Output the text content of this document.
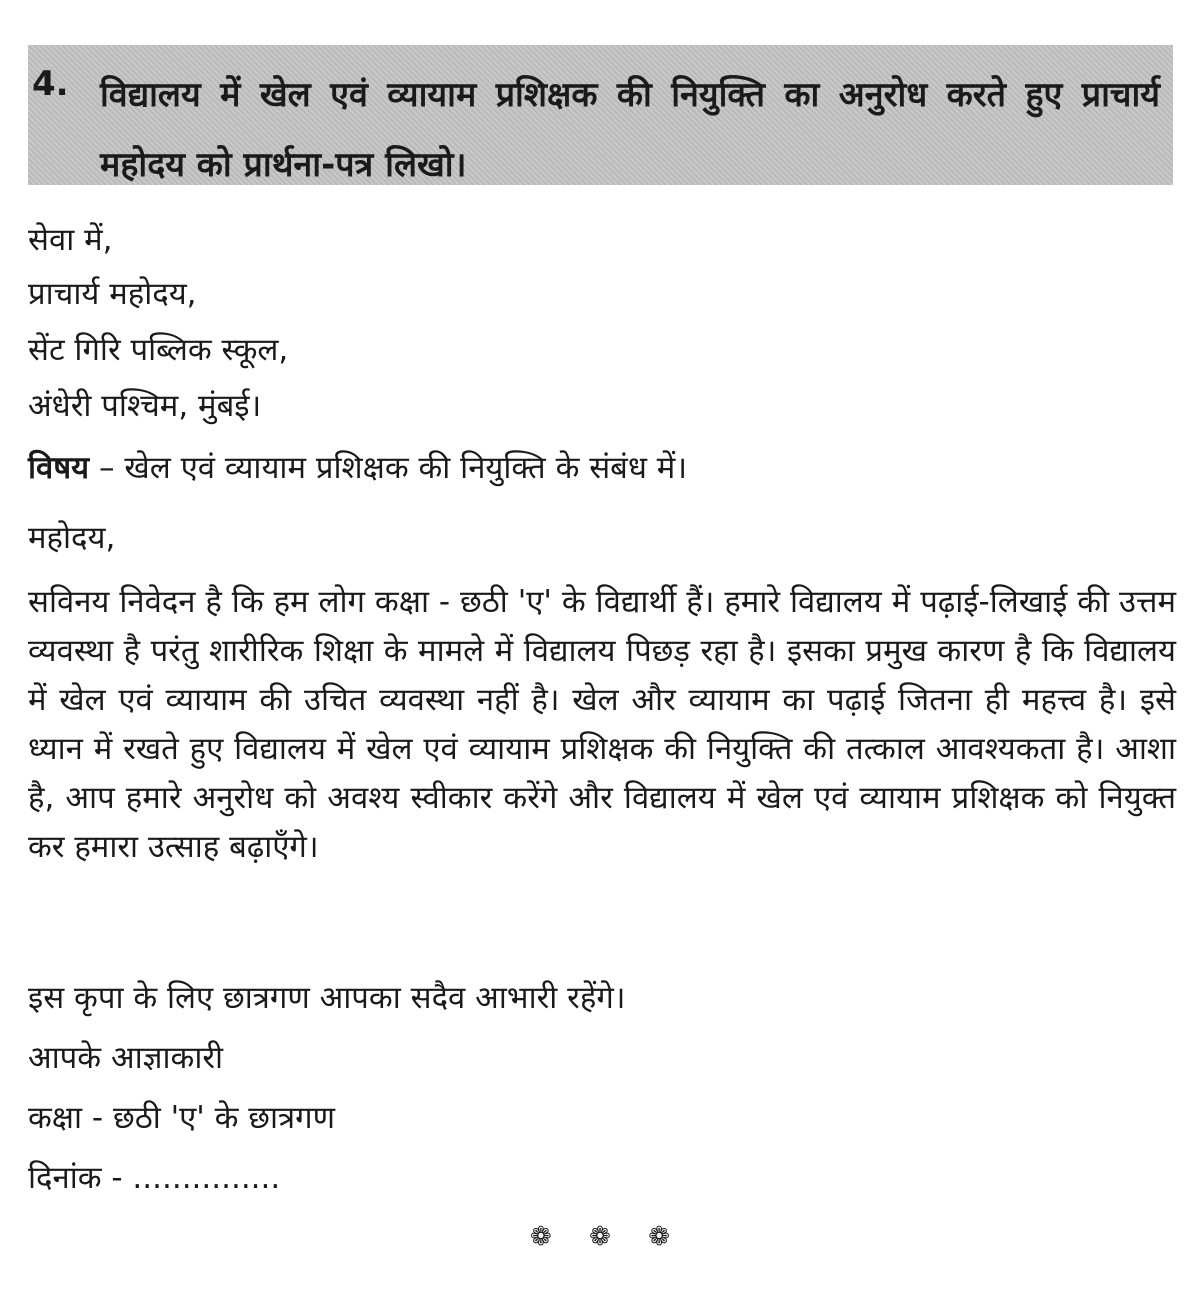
4. विद्यालय में खेल एवं व्यायाम प्रशिक्षक की नियुक्ति का अनुरोध करते हुए प्राचार्य महोदय को प्रार्थना-पत्र लिखो।
सेवा में,
प्राचार्य महोदय,
सेंट गिरि पब्लिक स्कूल,
अंधेरी पश्चिम, मुंबई।
विषय – खेल एवं व्यायाम प्रशिक्षक की नियुक्ति के संबंध में।
महोदय,
सविनय निवेदन है कि हम लोग कक्षा - छठी 'ए' के विद्यार्थी हैं। हमारे विद्यालय में पढ़ाई-लिखाई की उत्तम व्यवस्था है परंतु शारीरिक शिक्षा के मामले में विद्यालय पिछड़ रहा है। इसका प्रमुख कारण है कि विद्यालय में खेल एवं व्यायाम की उचित व्यवस्था नहीं है। खेल और व्यायाम का पढ़ाई जितना ही महत्त्व है। इसे ध्यान में रखते हुए विद्यालय में खेल एवं व्यायाम प्रशिक्षक की नियुक्ति की तत्काल आवश्यकता है। आशा है, आप हमारे अनुरोध को अवश्य स्वीकार करेंगे और विद्यालय में खेल एवं व्यायाम प्रशिक्षक को नियुक्त कर हमारा उत्साह बढ़ाएँगे।
इस कृपा के लिए छात्रगण आपका सदैव आभारी रहेंगे।
आपके आज्ञाकारी
कक्षा - छठी 'ए' के छात्रगण
दिनांक - ...............
❁ ❁ ❁
